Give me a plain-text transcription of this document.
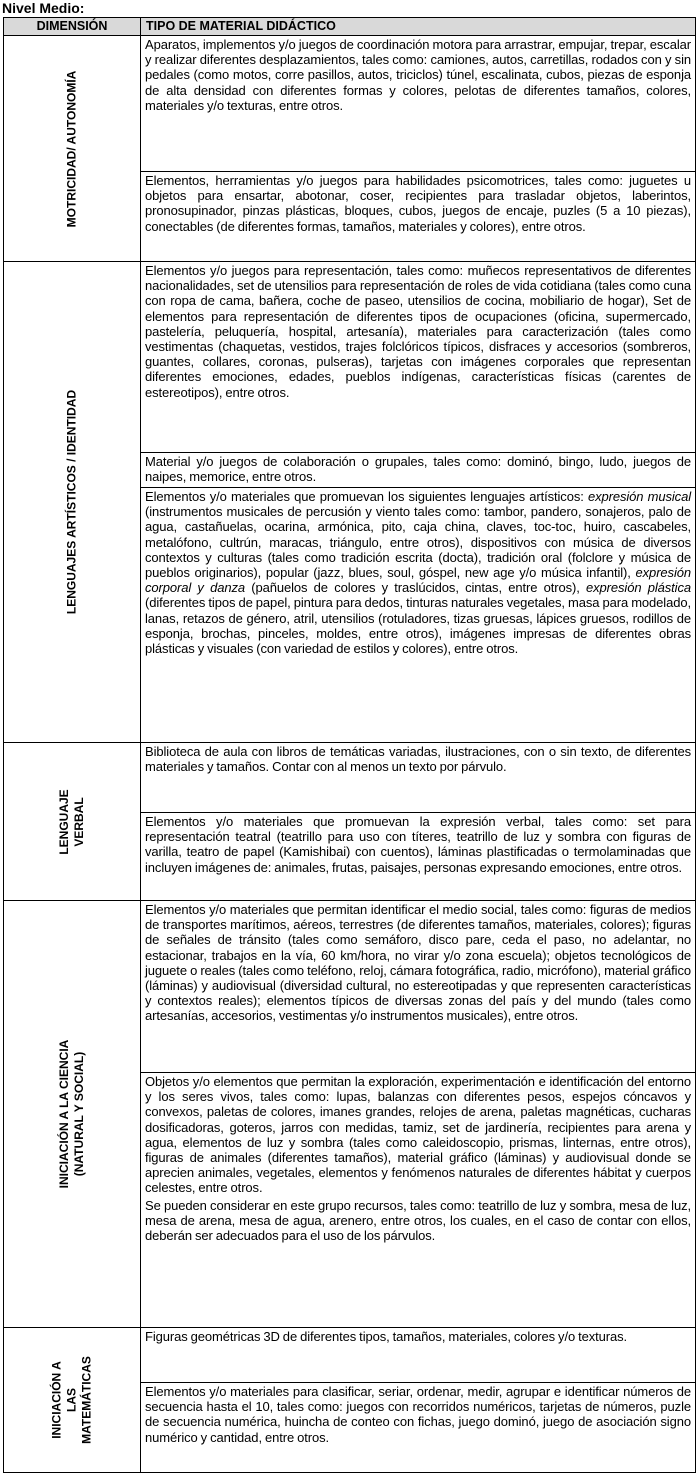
Nivel Medio:
DIMENSIÓN	TIPO DE MATERIAL DIDÁCTICO

MOTRICIDAD/ AUTONOMÍA	Aparatos, implementos y/o juegos de coordinación motora para arrastrar, empujar, trepar, escalar y realizar diferentes desplazamientos, tales como: camiones, autos, carretillas, rodados con y sin pedales (como motos, corre pasillos, autos, triciclos) túnel, escalinata, cubos, piezas de esponja de alta densidad con diferentes formas y colores, pelotas de diferentes tamaños, colores, materiales y/o texturas, entre otros.

	Elementos, herramientas y/o juegos para habilidades psicomotrices, tales como: juguetes u objetos para ensartar, abotonar, coser, recipientes para trasladar objetos, laberintos, pronosupinador, pinzas plásticas, bloques, cubos, juegos de encaje, puzles (5 a 10 piezas), conectables (de diferentes formas, tamaños, materiales y colores), entre otros.

LENGUAJES ARTÍSTICOS / IDENTIDAD	Elementos y/o juegos para representación, tales como: muñecos representativos de diferentes nacionalidades, set de utensilios para representación de roles de vida cotidiana (tales como cuna con ropa de cama, bañera, coche de paseo, utensilios de cocina, mobiliario de hogar), Set de elementos para representación de diferentes tipos de ocupaciones (oficina, supermercado, pastelería, peluquería, hospital, artesanía), materiales para caracterización (tales como vestimentas (chaquetas, vestidos, trajes folclóricos típicos, disfraces y accesorios (sombreros, guantes, collares, coronas, pulseras), tarjetas con imágenes corporales que representan diferentes emociones, edades, pueblos indígenas, características físicas (carentes de estereotipos), entre otros.

	Material y/o juegos de colaboración o grupales, tales como: dominó, bingo, ludo, juegos de naipes, memorice, entre otros.

	Elementos y/o materiales que promuevan los siguientes lenguajes artísticos: expresión musical (instrumentos musicales de percusión y viento tales como: tambor, pandero, sonajeros, palo de agua, castañuelas, ocarina, armónica, pito, caja china, claves, toc-toc, huiro, cascabeles, metalófono, cultrún, maracas, triángulo, entre otros), dispositivos con música de diversos contextos y culturas (tales como tradición escrita (docta), tradición oral (folclore y música de pueblos originarios), popular (jazz, blues, soul, góspel, new age y/o música infantil), expresión corporal y danza (pañuelos de colores y traslúcidos, cintas, entre otros), expresión plástica (diferentes tipos de papel, pintura para dedos, tinturas naturales vegetales, masa para modelado, lanas, retazos de género, atril, utensilios (rotuladores, tizas gruesas, lápices gruesos, rodillos de esponja, brochas, pinceles, moldes, entre otros), imágenes impresas de diferentes obras plásticas y visuales (con variedad de estilos y colores), entre otros.

LENGUAJE
VERBAL	Biblioteca de aula con libros de temáticas variadas, ilustraciones, con o sin texto, de diferentes materiales y tamaños. Contar con al menos un texto por párvulo.

	Elementos y/o materiales que promuevan la expresión verbal, tales como: set para representación teatral (teatrillo para uso con títeres, teatrillo de luz y sombra con figuras de varilla, teatro de papel (Kamishibai) con cuentos), láminas plastificadas o termolaminadas que incluyen imágenes de: animales, frutas, paisajes, personas expresando emociones, entre otros.

INICIACIÓN A LA CIENCIA
(NATURAL Y SOCIAL)	Elementos y/o materiales que permitan identificar el medio social, tales como: figuras de medios de transportes marítimos, aéreos, terrestres (de diferentes tamaños, materiales, colores); figuras de señales de tránsito (tales como semáforo, disco pare, ceda el paso, no adelantar, no estacionar, trabajos en la vía, 60 km/hora, no virar y/o zona escuela); objetos tecnológicos de juguete o reales (tales como teléfono, reloj, cámara fotográfica, radio, micrófono), material gráfico (láminas) y audiovisual (diversidad cultural, no estereotipadas y que representen características y contextos reales); elementos típicos de diversas zonas del país y del mundo (tales como artesanías, accesorios, vestimentas y/o instrumentos musicales), entre otros.

	Objetos y/o elementos que permitan la exploración, experimentación e identificación del entorno y los seres vivos, tales como: lupas, balanzas con diferentes pesos, espejos cóncavos y convexos, paletas de colores, imanes grandes, relojes de arena, paletas magnéticas, cucharas dosificadoras, goteros, jarros con medidas, tamiz, set de jardinería, recipientes para arena y agua, elementos de luz y sombra (tales como caleidoscopio, prismas, linternas, entre otros), figuras de animales (diferentes tamaños), material gráfico (láminas) y audiovisual donde se aprecien animales, vegetales, elementos y fenómenos naturales de diferentes hábitat y cuerpos celestes, entre otros.
Se pueden considerar en este grupo recursos, tales como: teatrillo de luz y sombra, mesa de luz, mesa de arena, mesa de agua, arenero, entre otros, los cuales, en el caso de contar con ellos, deberán ser adecuados para el uso de los párvulos.

INICIACIÓN A
LAS
MATEMÁTICAS	Figuras geométricas 3D de diferentes tipos, tamaños, materiales, colores y/o texturas.

	Elementos y/o materiales para clasificar, seriar, ordenar, medir, agrupar e identificar números de secuencia hasta el 10, tales como: juegos con recorridos numéricos, tarjetas de números, puzle de secuencia numérica, huincha de conteo con fichas, juego dominó, juego de asociación signo numérico y cantidad, entre otros.
